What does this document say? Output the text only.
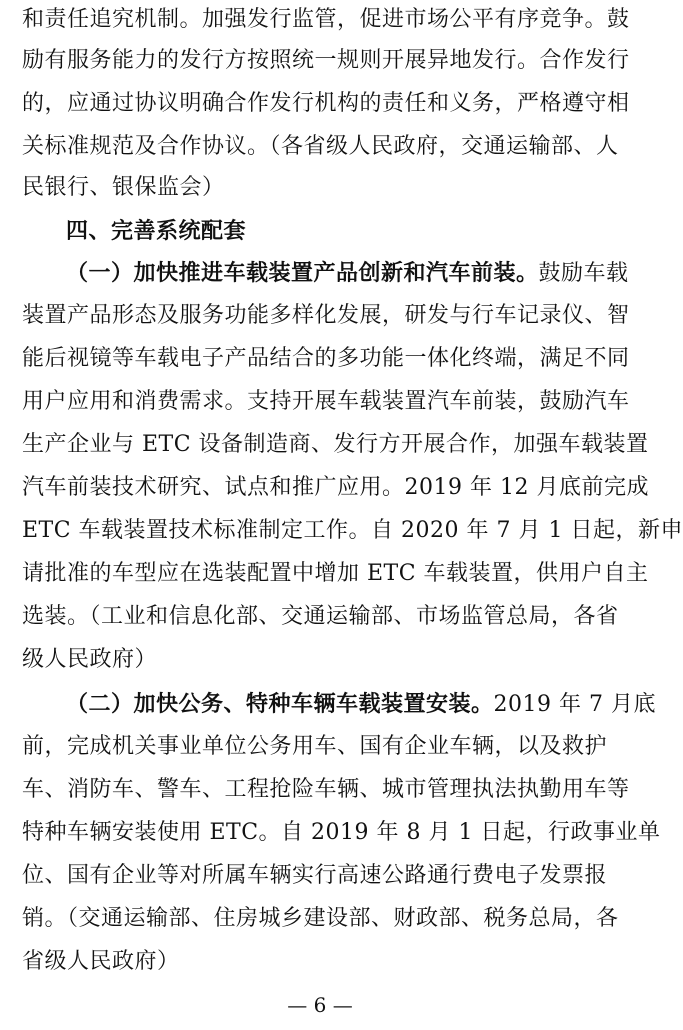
和责任追究机制。加强发行监管，促进市场公平有序竞争。鼓
励有服务能力的发行方按照统一规则开展异地发行。合作发行
的，应通过协议明确合作发行机构的责任和义务，严格遵守相
关标准规范及合作协议。（各省级人民政府，交通运输部、人
民银行、银保监会）
四、完善系统配套
（一）加快推进车载装置产品创新和汽车前装。鼓励车载
装置产品形态及服务功能多样化发展，研发与行车记录仪、智
能后视镜等车载电子产品结合的多功能一体化终端，满足不同
用户应用和消费需求。支持开展车载装置汽车前装，鼓励汽车
生产企业与 ETC 设备制造商、发行方开展合作，加强车载装置
汽车前装技术研究、试点和推广应用。2019 年 12 月底前完成
ETC 车载装置技术标准制定工作。自 2020 年 7 月 1 日起，新申
请批准的车型应在选装配置中增加 ETC 车载装置，供用户自主
选装。（工业和信息化部、交通运输部、市场监管总局，各省
级人民政府）
（二）加快公务、特种车辆车载装置安装。2019 年 7 月底
前，完成机关事业单位公务用车、国有企业车辆，以及救护
车、消防车、警车、工程抢险车辆、城市管理执法执勤用车等
特种车辆安装使用 ETC。自 2019 年 8 月 1 日起，行政事业单
位、国有企业等对所属车辆实行高速公路通行费电子发票报
销。（交通运输部、住房城乡建设部、财政部、税务总局，各
省级人民政府）
— 6 —
